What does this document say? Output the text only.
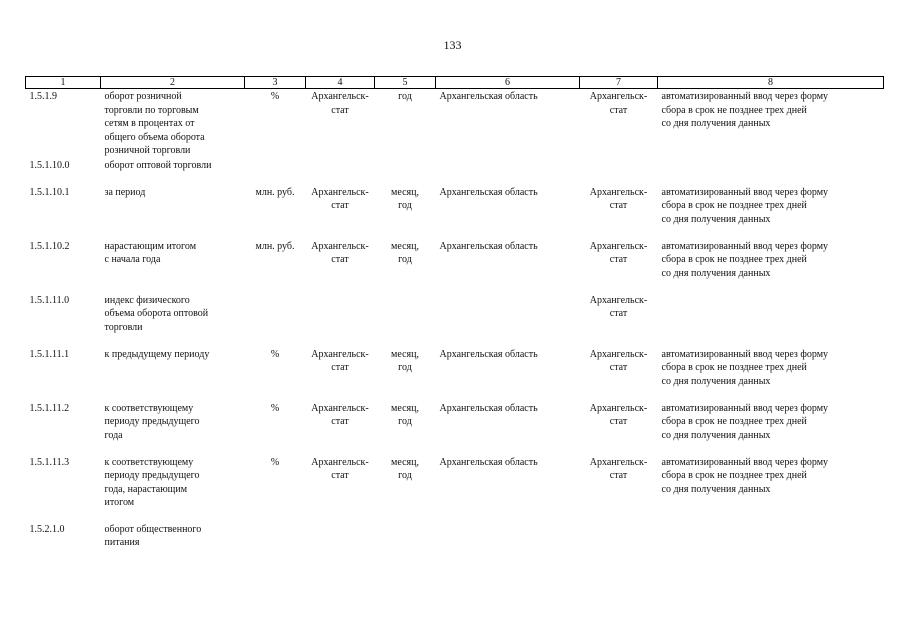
133
1	2	3	4	5	6	7	8

1.5.1.9	оборот розничной
торговли по торговым
сетям в процентах от
общего объема оборота
розничной торговли	%	Архангельск-
стат	год	Архангельская область	Архангельск-
стат	автоматизированный ввод через форму
сбора в срок не позднее трех дней
со дня получения данных

1.5.1.10.0	оборот оптовой торговли						

1.5.1.10.1	за период	млн. руб.	Архангельск-
стат	месяц,
год	Архангельская область	Архангельск-
стат	автоматизированный ввод через форму
сбора в срок не позднее трех дней
со дня получения данных

1.5.1.10.2	нарастающим итогом
с начала года	млн. руб.	Архангельск-
стат	месяц,
год	Архангельская область	Архангельск-
стат	автоматизированный ввод через форму
сбора в срок не позднее трех дней
со дня получения данных

1.5.1.11.0	индекс физического
объема оборота оптовой
торговли					Архангельск-
стат	

1.5.1.11.1	к предыдущему периоду	%	Архангельск-
стат	месяц,
год	Архангельская область	Архангельск-
стат	автоматизированный ввод через форму
сбора в срок не позднее трех дней
со дня получения данных

1.5.1.11.2	к соответствующему
периоду предыдущего
года	%	Архангельск-
стат	месяц,
год	Архангельская область	Архангельск-
стат	автоматизированный ввод через форму
сбора в срок не позднее трех дней
со дня получения данных

1.5.1.11.3	к соответствующему
периоду предыдущего
года, нарастающим
итогом	%	Архангельск-
стат	месяц,
год	Архангельская область	Архангельск-
стат	автоматизированный ввод через форму
сбора в срок не позднее трех дней
со дня получения данных

1.5.2.1.0	оборот общественного
питания						
